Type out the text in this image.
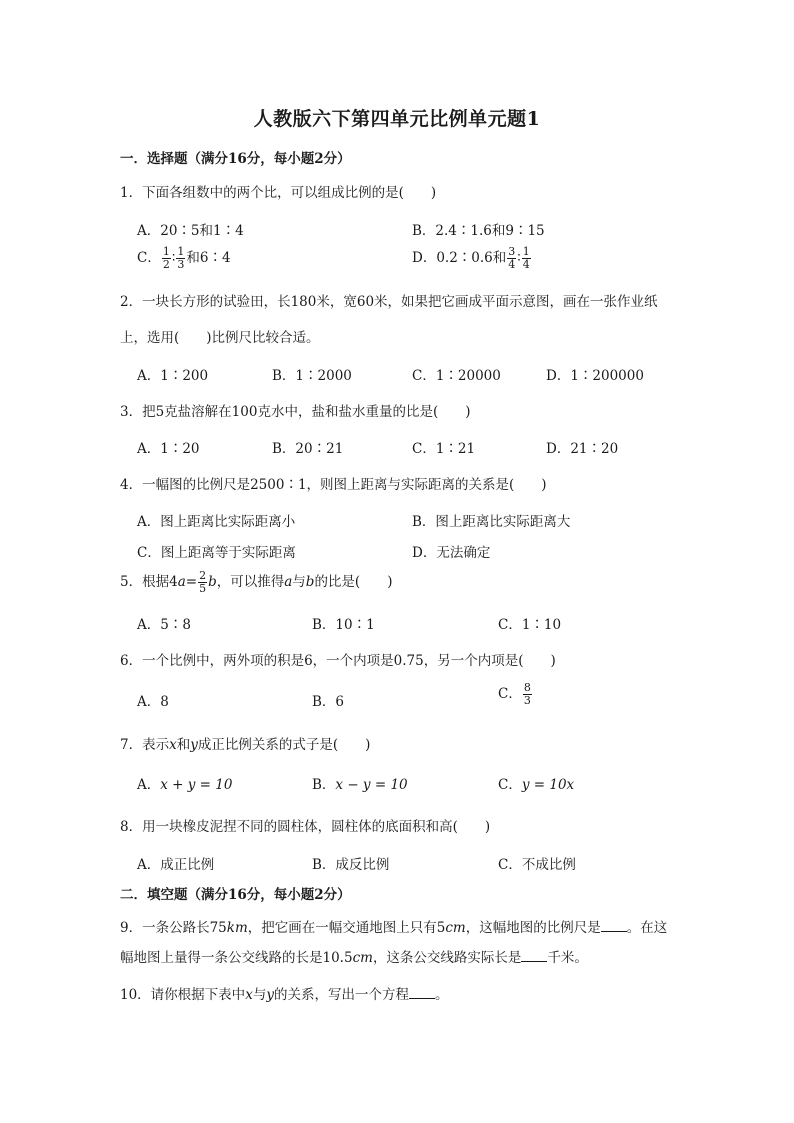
人教版六下第四单元比例单元题1
一．选择题（满分16分，每小题2分）
1．下面各组数中的两个比，可以组成比例的是(　　)
A．20∶5和1∶4	B．2.4∶1.6和9∶15
C． $\frac{1}{2}$ ∶ $\frac{1}{3}$ 和6∶4	D．0.2∶0.6和 $\frac{3}{4}$ ∶ $\frac{1}{4}$
2．一块长方形的试验田，长180米，宽60米，如果把它画成平面示意图，画在一张作业纸
上，选用(　　)比例尺比较合适。
A．1∶200	B．1∶2000	C．1∶20000	D．1∶200000
3．把5克盐溶解在100克水中，盐和盐水重量的比是(　　)
A．1∶20	B．20∶21	C．1∶21	D．21∶20
4．一幅图的比例尺是2500∶1，则图上距离与实际距离的关系是(　　)
A．图上距离比实际距离小	B．图上距离比实际距离大
C．图上距离等于实际距离	D．无法确定
5．根据$4a= \frac{2}{5}$ b，可以推得a与b的比是(　　)
A．5∶8	B．10∶1	C．1∶10
6．一个比例中，两外项的积是6，一个内项是0.75，另一个内项是(　　)
A．8	B．6	C． $\frac{8}{3}$
7．表示x和y成正比例关系的式子是(　　)
A．x + y = 10	B．x − y = 10	C．y = 10x
8．用一块橡皮泥捏不同的圆柱体，圆柱体的底面积和高(　　)
A．成正比例	B．成反比例	C．不成比例
二．填空题（满分16分，每小题2分）
9．一条公路长75km，把它画在一幅交通地图上只有5cm，这幅地图的比例尺是 。在这
幅地图上量得一条公交线路的长是10.5cm，这条公交线路实际长是 千米。
10．请你根据下表中x与y的关系，写出一个方程 。
